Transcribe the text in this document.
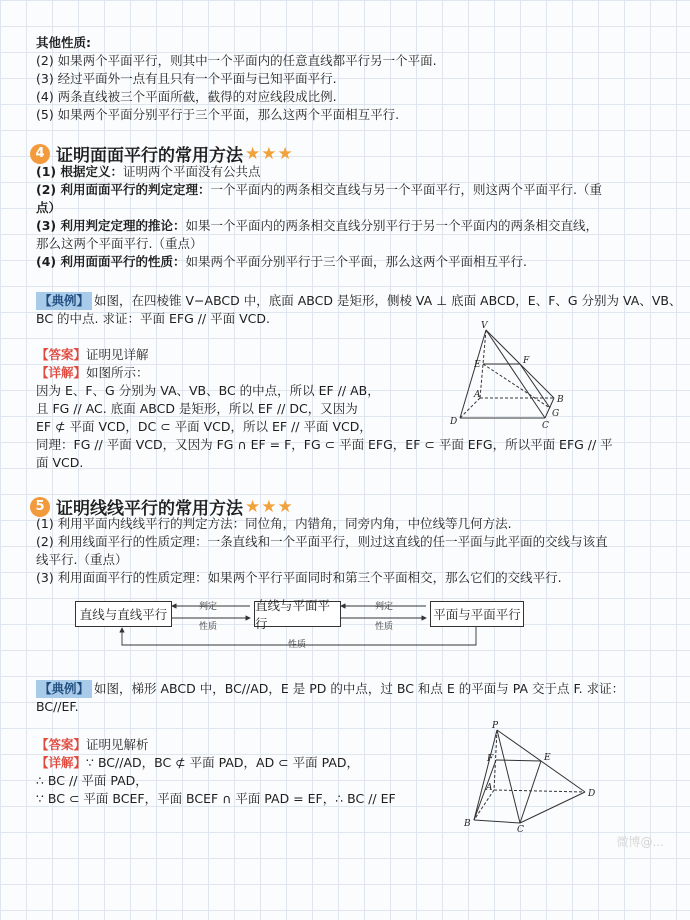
其他性质:
(2) 如果两个平面平行，则其中一个平面内的任意直线都平行另一个平面.
(3) 经过平面外一点有且只有一个平面与已知平面平行.
(4) 两条直线被三个平面所截，截得的对应线段成比例.
(5) 如果两个平面分别平行于三个平面，那么这两个平面相互平行.
4 证明面面平行的常用方法 ★★★
(1) 根据定义：证明两个平面没有公共点
(2) 利用面面平行的判定定理：一个平面内的两条相交直线与另一个平面平行，则这两个平面平行.（重
点）
(3) 利用判定定理的推论：如果一个平面内的两条相交直线分别平行于另一个平面内的两条相交直线，
那么这两个平面平行.（重点）
(4) 利用面面平行的性质：如果两个平面分别平行于三个平面，那么这两个平面相互平行.
【典例】 如图，在四棱锥 V−ABCD 中，底面 ABCD 是矩形，侧棱 VA ⊥ 底面 ABCD，E、F、G 分别为 VA、VB、
BC 的中点. 求证：平面 EFG // 平面 VCD.
【答案】证明见详解
【详解】如图所示：
因为 E、F、G 分别为 VA、VB、BC 的中点，所以 EF // AB，
且 FG // AC. 底面 ABCD 是矩形，所以 EF // DC，又因为
EF ⊄ 平面 VCD，DC ⊂ 平面 VCD，所以 EF // 平面 VCD，
同理：FG // 平面 VCD，又因为 FG ∩ EF = F，FG ⊂ 平面 EFG，EF ⊂ 平面 EFG，所以平面 EFG // 平
面 VCD.
V
E	F
A
D
B
G
C
5 证明线线平行的常用方法 ★★★
(1) 利用平面内线线平行的判定方法：同位角，内错角，同旁内角，中位线等几何方法.
(2) 利用线面平行的性质定理：一条直线和一个平面平行，则过这直线的任一平面与此平面的交线与该直
线平行.（重点）
(3) 利用面面平行的性质定理：如果两个平行平面同时和第三个平面相交，那么它们的交线平行.
直线与直线平行
直线与平面平行
平面与平面平行
判定
性质
判定
性质
性质
【典例】 如图，梯形 ABCD 中，BC//AD，E 是 PD 的中点，过 BC 和点 E 的平面与 PA 交于点 F. 求证：
BC//EF.
【答案】证明见解析
【详解】∵ BC//AD，BC ⊄ 平面 PAD，AD ⊂ 平面 PAD，
∴ BC // 平面 PAD，
∵ BC ⊂ 平面 BCEF，平面 BCEF ∩ 平面 PAD = EF，∴ BC // EF
P
F	E
A
D
B
C
微博@...
